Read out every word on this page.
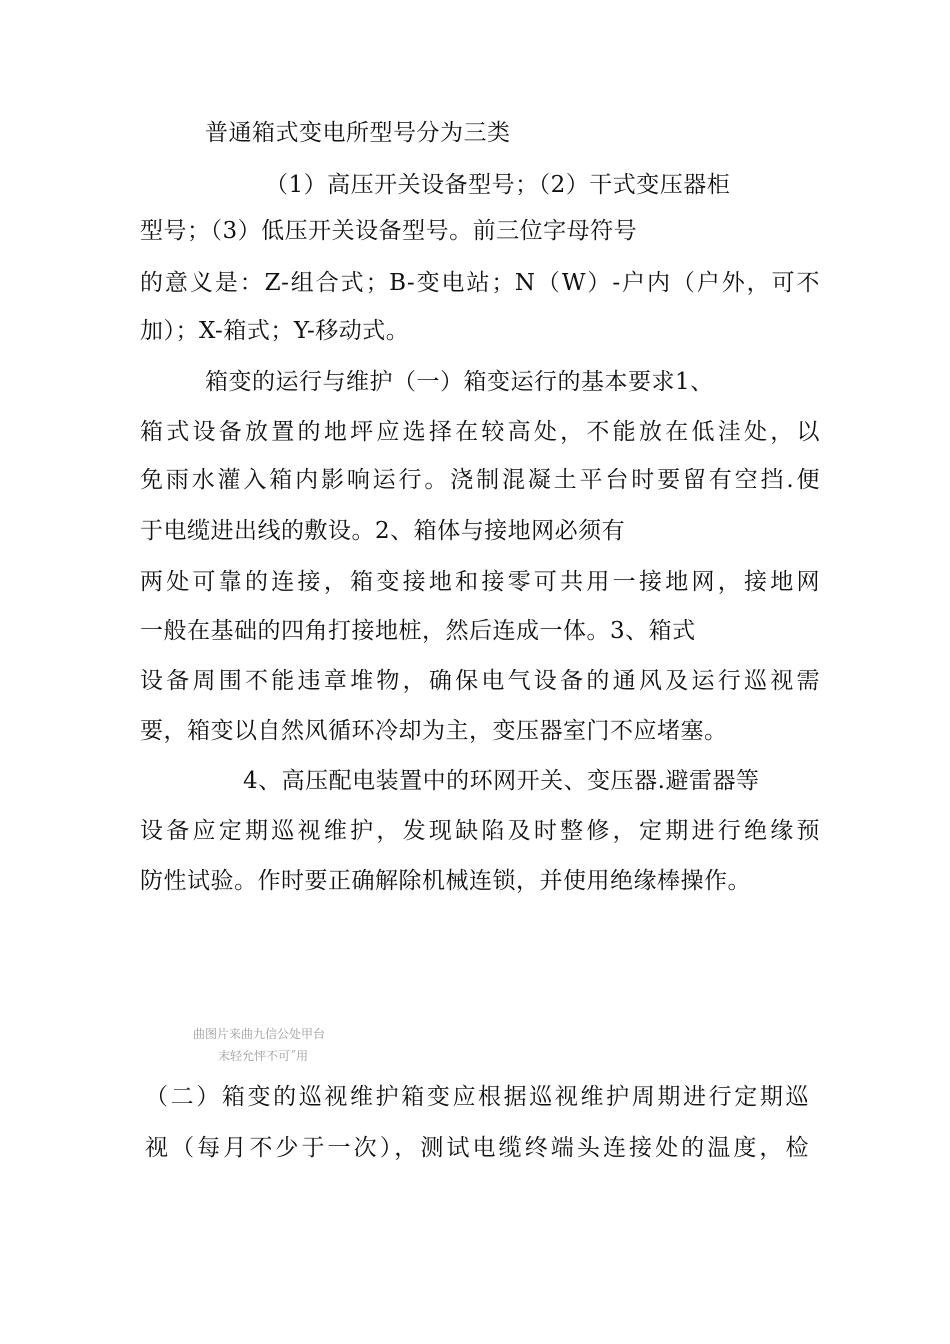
普通箱式变电所型号分为三类
（1）高压开关设备型号；（2）干式变压器柜
型号；（3）低压开关设备型号。前三位字母符号
的意义是：Z-组合式；B-变电站；N（W）-户内（户外，可不
加）；X-箱式；Y-移动式。
箱变的运行与维护（一）箱变运行的基本要求1、
箱式设备放置的地坪应选择在较高处，不能放在低洼处，以
免雨水灌入箱内影响运行。浇制混凝土平台时要留有空挡.便
于电缆进出线的敷设。2、箱体与接地网必须有
两处可靠的连接，箱变接地和接零可共用一接地网，接地网
一般在基础的四角打接地桩，然后连成一体。3、箱式
设备周围不能违章堆物，确保电气设备的通风及运行巡视需
要，箱变以自然风循环冷却为主，变压器室门不应堵塞。
4、高压配电装置中的环网开关、变压器.避雷器等
设备应定期巡视维护，发现缺陷及时整修，定期进行绝缘预
防性试验。作时要正确解除机械连锁，并使用绝缘棒操作。
曲图片来曲九信公处甲台
末轻允怦不可˝用
（二）箱变的巡视维护箱变应根据巡视维护周期进行定期巡
视（每月不少于一次），测试电缆终端头连接处的温度，检
